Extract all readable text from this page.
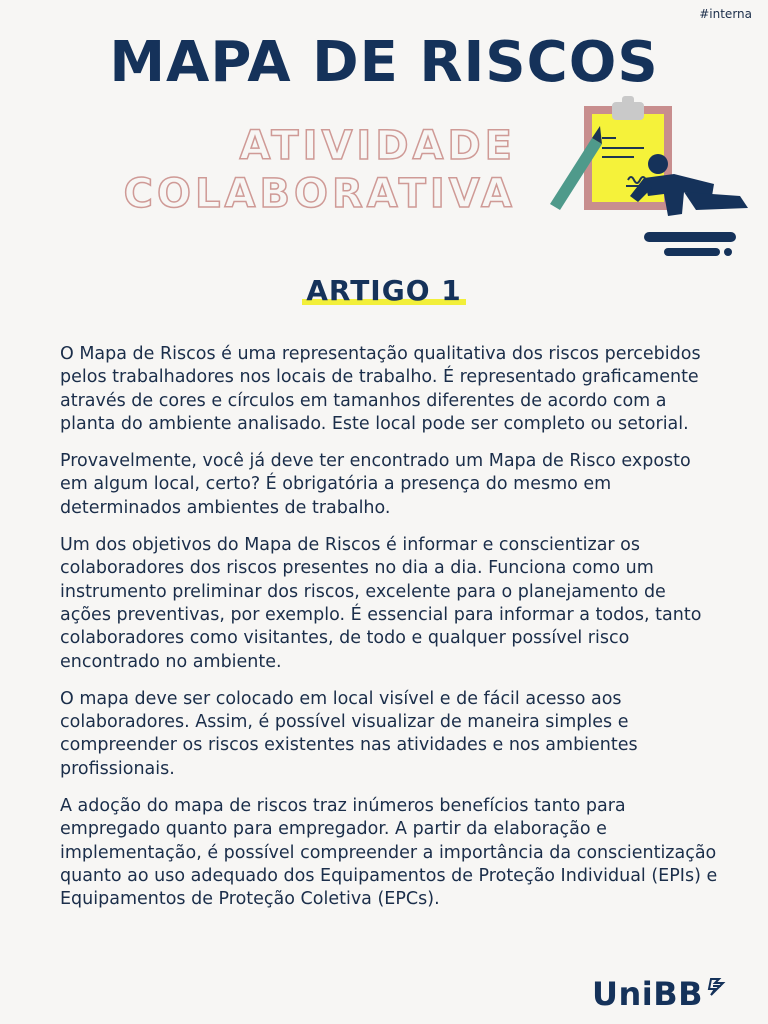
#interna
MAPA DE RISCOS
ATIVIDADE
COLABORATIVA
ARTIGO 1

O Mapa de Riscos é uma representação qualitativa dos riscos percebidos pelos trabalhadores nos locais de trabalho. É representado graficamente através de cores e círculos em tamanhos diferentes de acordo com a planta do ambiente analisado. Este local pode ser completo ou setorial.

Provavelmente, você já deve ter encontrado um Mapa de Risco exposto em algum local, certo? É obrigatória a presença do mesmo em determinados ambientes de trabalho.

Um dos objetivos do Mapa de Riscos é informar e conscientizar os colaboradores dos riscos presentes no dia a dia. Funciona como um instrumento preliminar dos riscos, excelente para o planejamento de ações preventivas, por exemplo. É essencial para informar a todos, tanto colaboradores como visitantes, de todo e qualquer possível risco encontrado no ambiente.

O mapa deve ser colocado em local visível e de fácil acesso aos colaboradores. Assim, é possível visualizar de maneira simples e compreender os riscos existentes nas atividades e nos ambientes profissionais.

A adoção do mapa de riscos traz inúmeros benefícios tanto para empregado quanto para empregador. A partir da elaboração e implementação, é possível compreender a importância da conscientização quanto ao uso adequado dos Equipamentos de Proteção Individual (EPIs) e Equipamentos de Proteção Coletiva (EPCs).

UniBB
